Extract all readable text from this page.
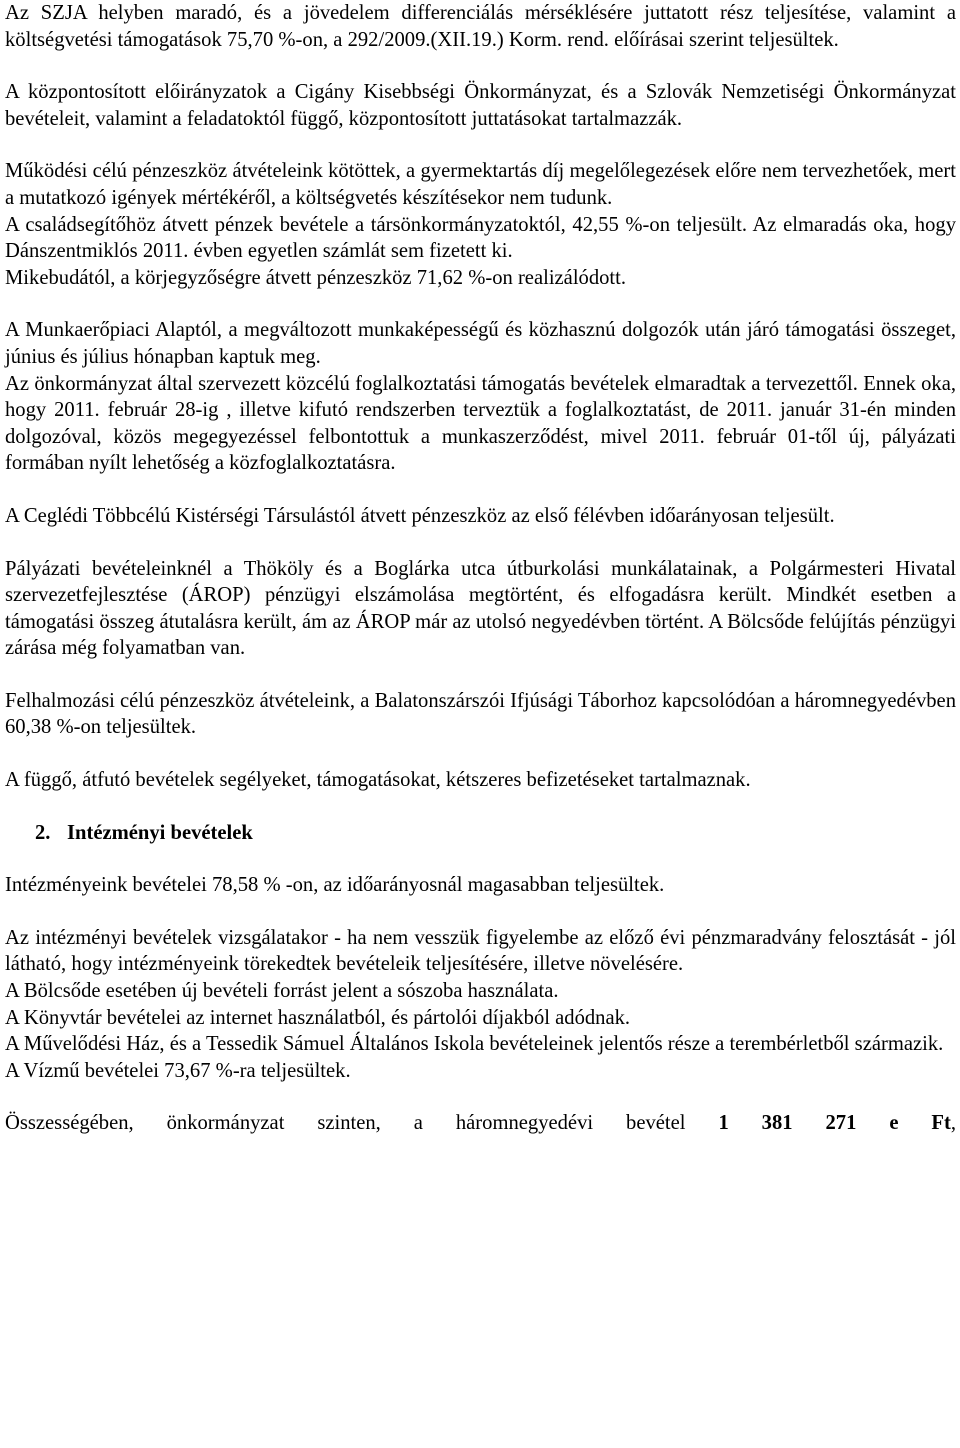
Az SZJA helyben maradó, és a jövedelem differenciálás mérséklésére juttatott rész teljesítése, valamint a költségvetési támogatások 75,70 %-on, a 292/2009.(XII.19.) Korm. rend. előírásai szerint teljesültek.

A központosított előirányzatok a Cigány Kisebbségi Önkormányzat, és a Szlovák Nemzetiségi Önkormányzat bevételeit, valamint a feladatoktól függő, központosított juttatásokat tartalmazzák.

Működési célú pénzeszköz átvételeink kötöttek, a gyermektartás díj megelőlegezések előre nem tervezhetőek, mert a mutatkozó igények mértékéről, a költségvetés készítésekor nem tudunk.

A családsegítőhöz átvett pénzek bevétele a társönkormányzatoktól, 42,55 %-on teljesült. Az elmaradás oka, hogy Dánszentmiklós 2011. évben egyetlen számlát sem fizetett ki.

Mikebudától, a körjegyzőségre átvett pénzeszköz 71,62 %-on realizálódott.

A Munkaerőpiaci Alaptól, a megváltozott munkaképességű és közhasznú dolgozók után járó támogatási összeget, június és július hónapban kaptuk meg.

Az önkormányzat által szervezett közcélú foglalkoztatási támogatás bevételek elmaradtak a tervezettől. Ennek oka, hogy 2011. február 28-ig , illetve kifutó rendszerben terveztük a foglalkoztatást, de 2011. január 31-én minden dolgozóval, közös megegyezéssel felbontottuk a munkaszerződést, mivel 2011. február 01-től új, pályázati formában nyílt lehetőség a közfoglalkoztatásra.

A Ceglédi Többcélú Kistérségi Társulástól átvett pénzeszköz az első félévben időarányosan teljesült.

Pályázati bevételeinknél a Thököly és a Boglárka utca útburkolási munkálatainak, a Polgármesteri Hivatal szervezetfejlesztése (ÁROP) pénzügyi elszámolása megtörtént, és elfogadásra került. Mindkét esetben a támogatási összeg átutalásra került, ám az ÁROP már az utolsó negyedévben történt. A Bölcsőde felújítás pénzügyi zárása még folyamatban van.

Felhalmozási célú pénzeszköz átvételeink, a Balatonszárszói Ifjúsági Táborhoz kapcsolódóan a háromnegyedévben 60,38 %-on teljesültek.

A függő, átfutó bevételek segélyeket, támogatásokat, kétszeres befizetéseket tartalmaznak.

2. Intézményi bevételek

Intézményeink bevételei 78,58 % -on, az időarányosnál magasabban teljesültek.

Az intézményi bevételek vizsgálatakor - ha nem vesszük figyelembe az előző évi pénzmaradvány felosztását - jól látható, hogy intézményeink törekedtek bevételeik teljesítésére, illetve növelésére.

A Bölcsőde esetében új bevételi forrást jelent a sószoba használata.

A Könyvtár bevételei az internet használatból, és pártolói díjakból adódnak.

A Művelődési Ház, és a Tessedik Sámuel Általános Iskola bevételeinek jelentős része a terembérletből származik.

A Vízmű bevételei 73,67 %-ra teljesültek.

Összességében, önkormányzat szinten, a háromnegyedévi bevétel 1 381 271 e Ft,
